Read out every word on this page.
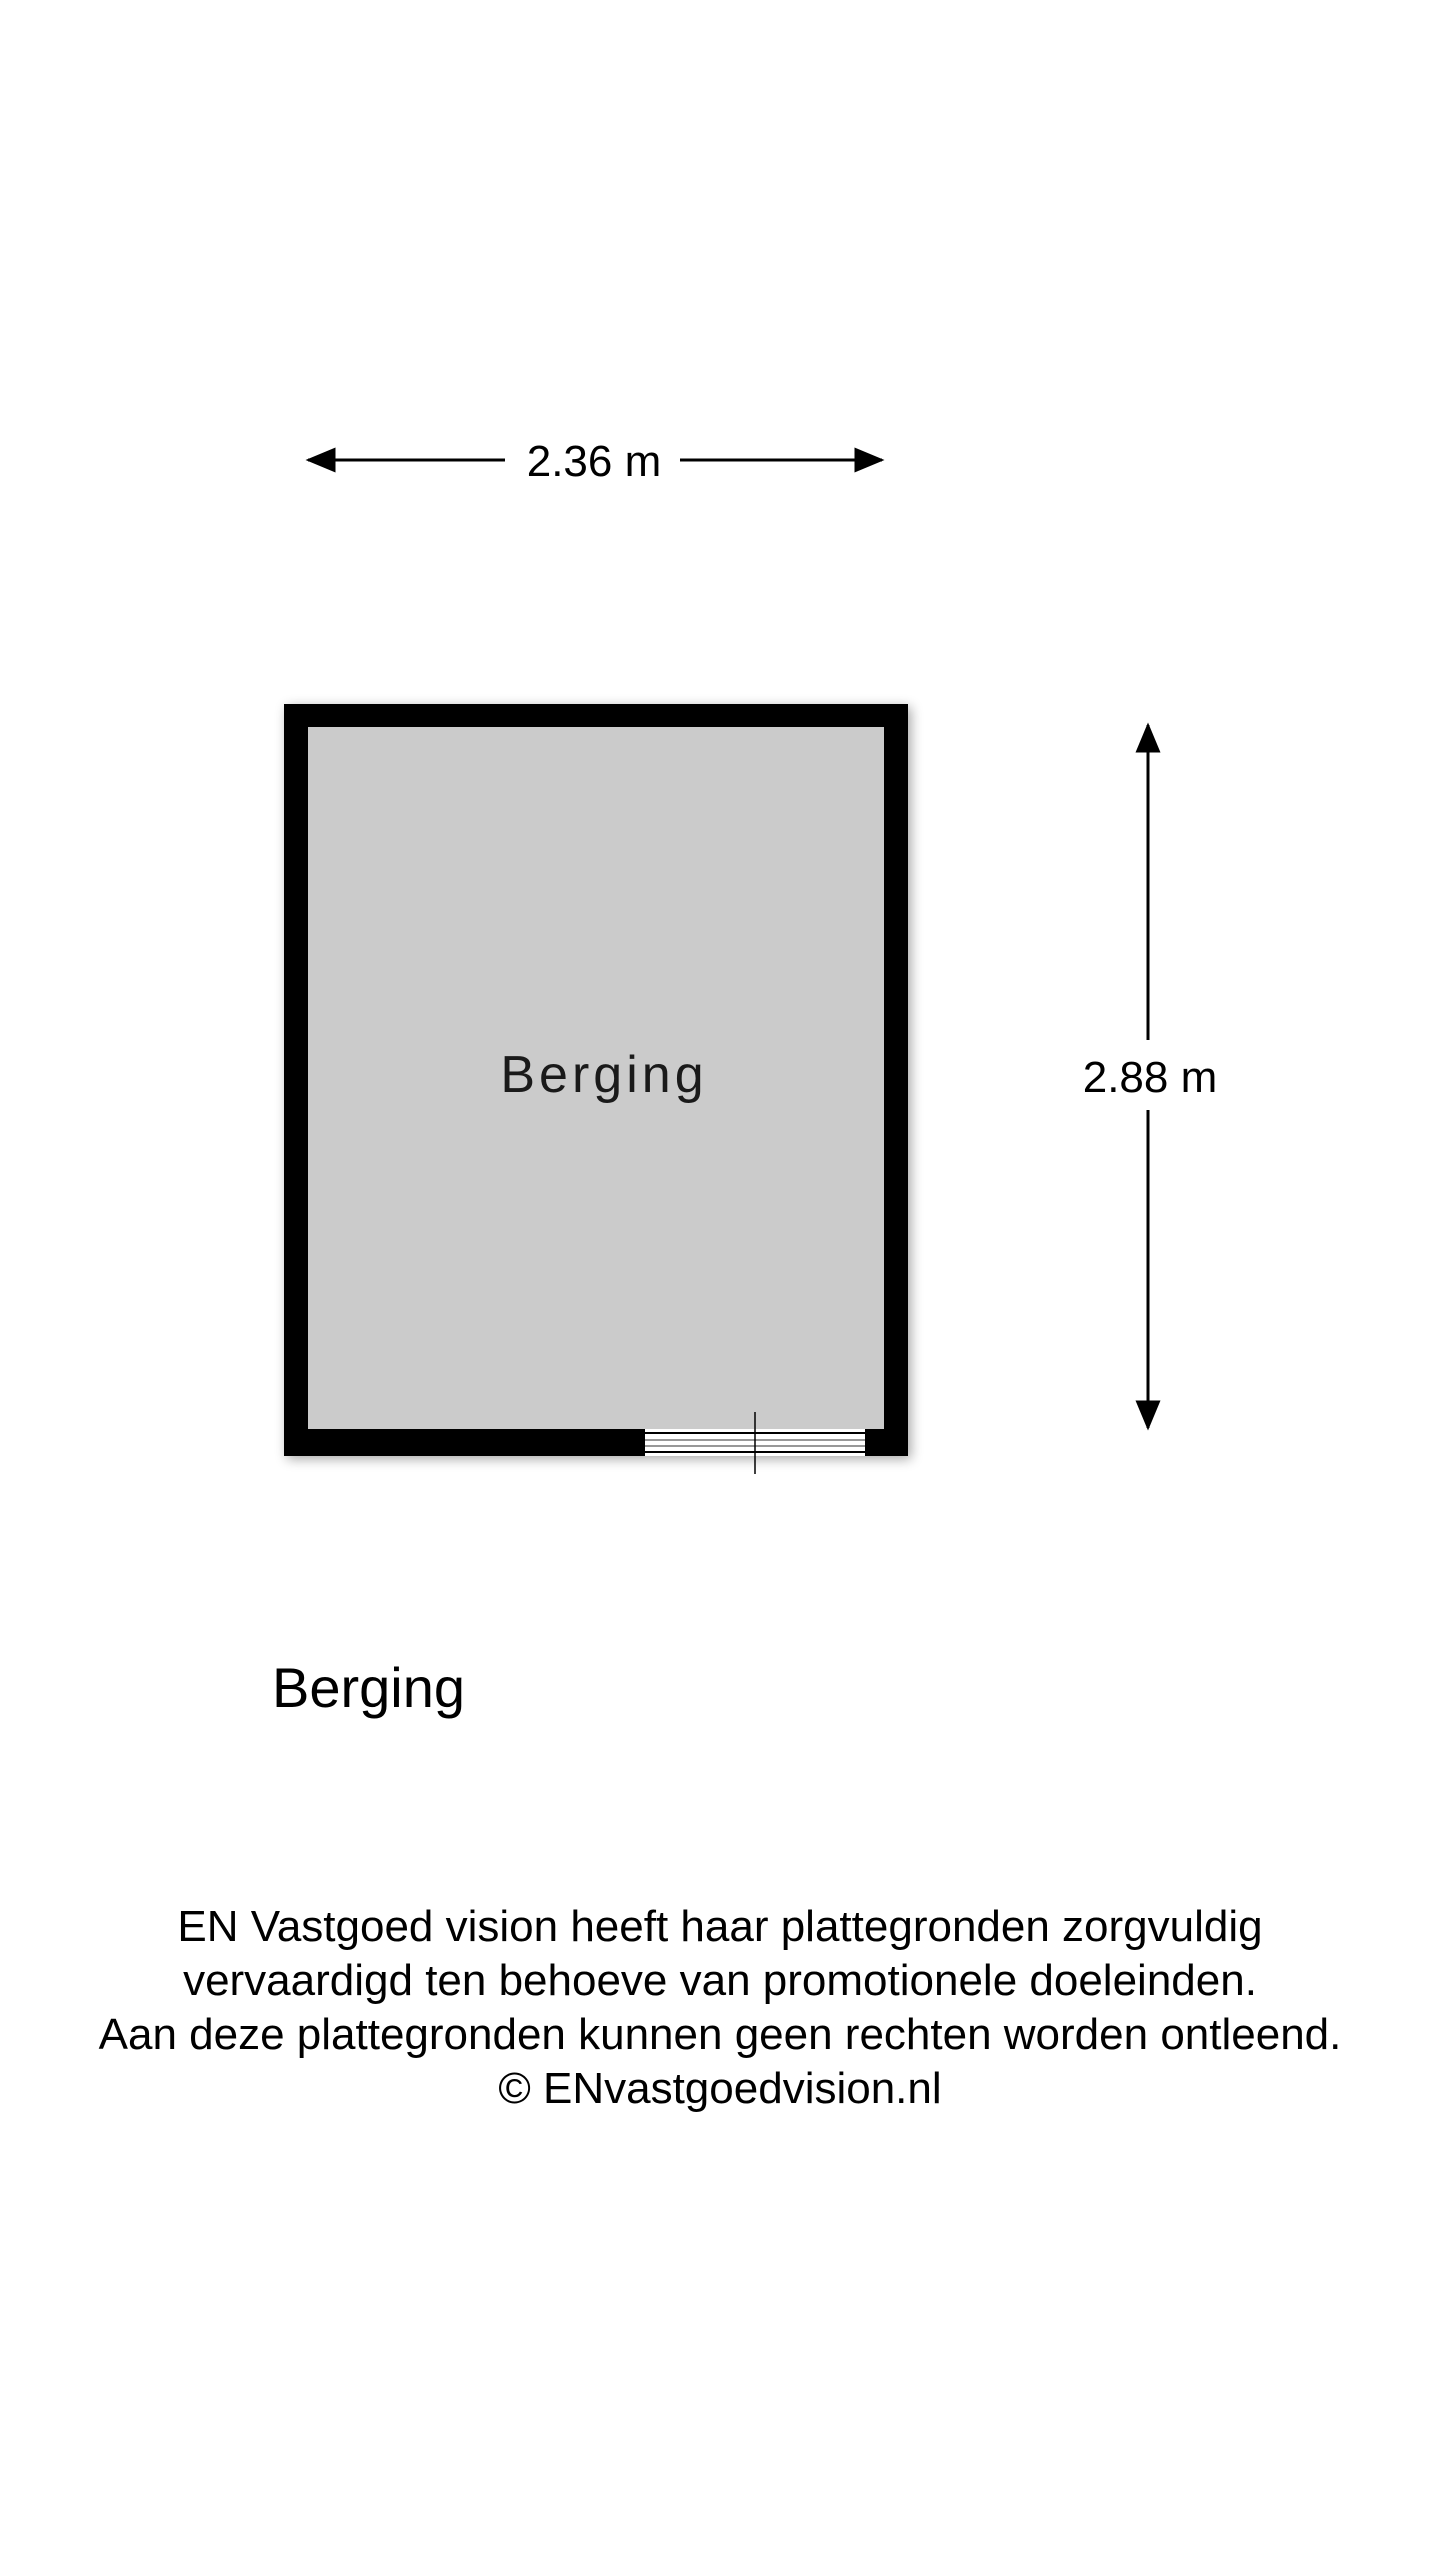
2.36 m
2.88 m
Berging
Berging
EN Vastgoed vision heeft haar plattegronden zorgvuldig
vervaardigd ten behoeve van promotionele doeleinden.
Aan deze plattegronden kunnen geen rechten worden ontleend.
© ENvastgoedvision.nl
